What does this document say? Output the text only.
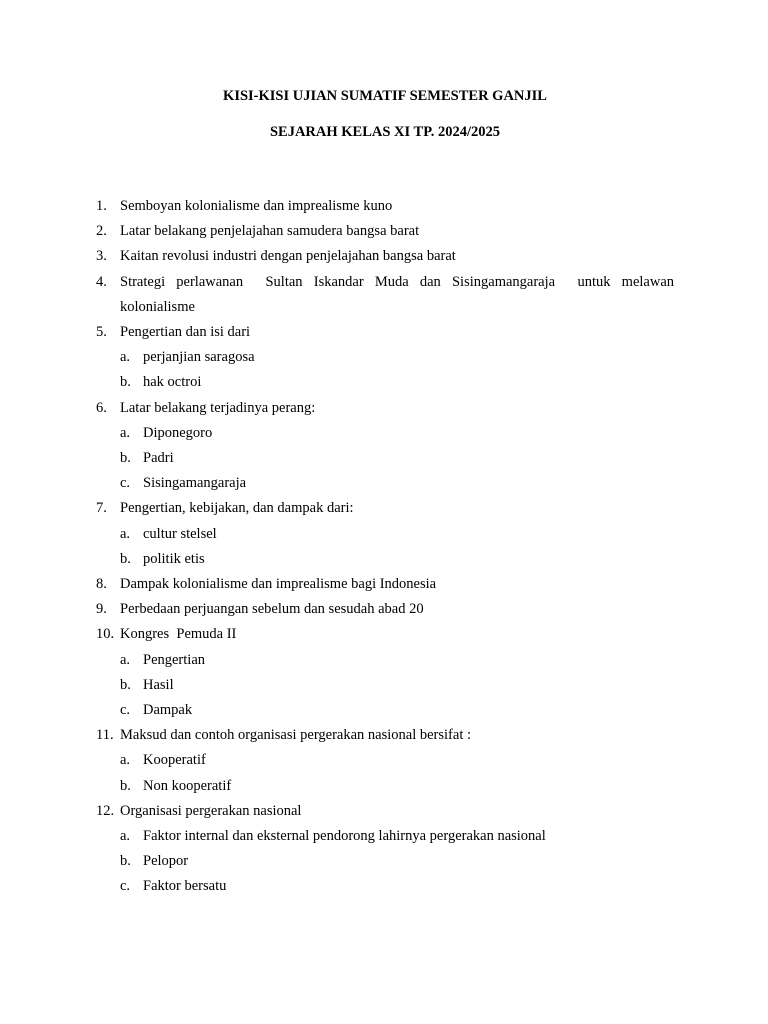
KISI-KISI UJIAN SUMATIF SEMESTER GANJIL

SEJARAH KELAS XI TP. 2024/2025

1. Semboyan kolonialisme dan imprealisme kuno
2. Latar belakang penjelajahan samudera bangsa barat
3. Kaitan revolusi industri dengan penjelajahan bangsa barat
4. Strategi perlawanan  Sultan Iskandar Muda dan Sisingamangaraja  untuk melawan kolonialisme
5. Pengertian dan isi dari
a. perjanjian saragosa
b. hak octroi
6. Latar belakang terjadinya perang:
a. Diponegoro
b. Padri
c. Sisingamangaraja
7. Pengertian, kebijakan, dan dampak dari:
a. cultur stelsel
b. politik etis
8. Dampak kolonialisme dan imprealisme bagi Indonesia
9. Perbedaan perjuangan sebelum dan sesudah abad 20
10. Kongres  Pemuda II
a. Pengertian
b. Hasil
c. Dampak
11. Maksud dan contoh organisasi pergerakan nasional bersifat :
a. Kooperatif
b. Non kooperatif
12. Organisasi pergerakan nasional
a. Faktor internal dan eksternal pendorong lahirnya pergerakan nasional
b. Pelopor
c. Faktor bersatu
